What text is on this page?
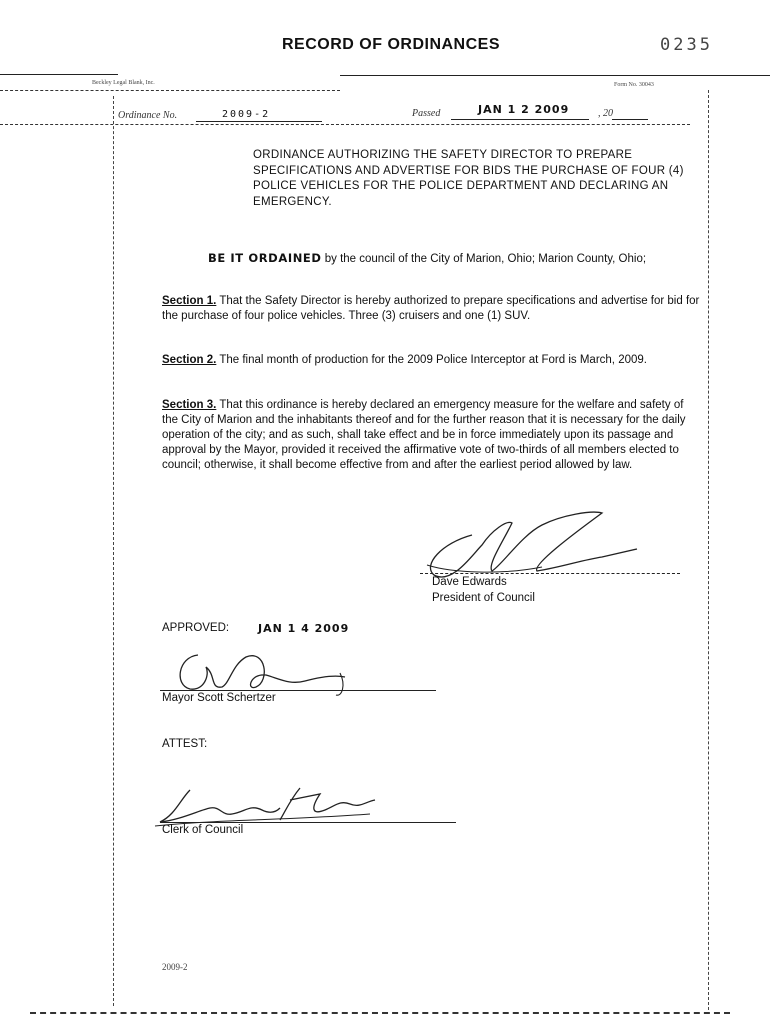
RECORD OF ORDINANCES	0235
Beckley Legal Blank, Inc.	Form No. 30043
Ordinance No.	2009-2	Passed	JAN 1 2 2009	, 20
ORDINANCE AUTHORIZING THE SAFETY DIRECTOR TO PREPARE SPECIFICATIONS AND ADVERTISE FOR BIDS THE PURCHASE OF FOUR (4) POLICE VEHICLES FOR THE POLICE DEPARTMENT AND DECLARING AN EMERGENCY.
BE IT ORDAINED by the council of the City of Marion, Ohio; Marion County, Ohio;
Section 1. That the Safety Director is hereby authorized to prepare specifications and advertise for bid for the purchase of four police vehicles. Three (3) cruisers and one (1) SUV.
Section 2. The final month of production for the 2009 Police Interceptor at Ford is March, 2009.
Section 3. That this ordinance is hereby declared an emergency measure for the welfare and safety of the City of Marion and the inhabitants thereof and for the further reason that it is necessary for the daily operation of the city; and as such, shall take effect and be in force immediately upon its passage and approval by the Mayor, provided it received the affirmative vote of two-thirds of all members elected to council; otherwise, it shall become effective from and after the earliest period allowed by law.
Dave Edwards
President of Council
APPROVED:	JAN 1 4 2009
Mayor Scott Schertzer
ATTEST:
Clerk of Council
2009-2
